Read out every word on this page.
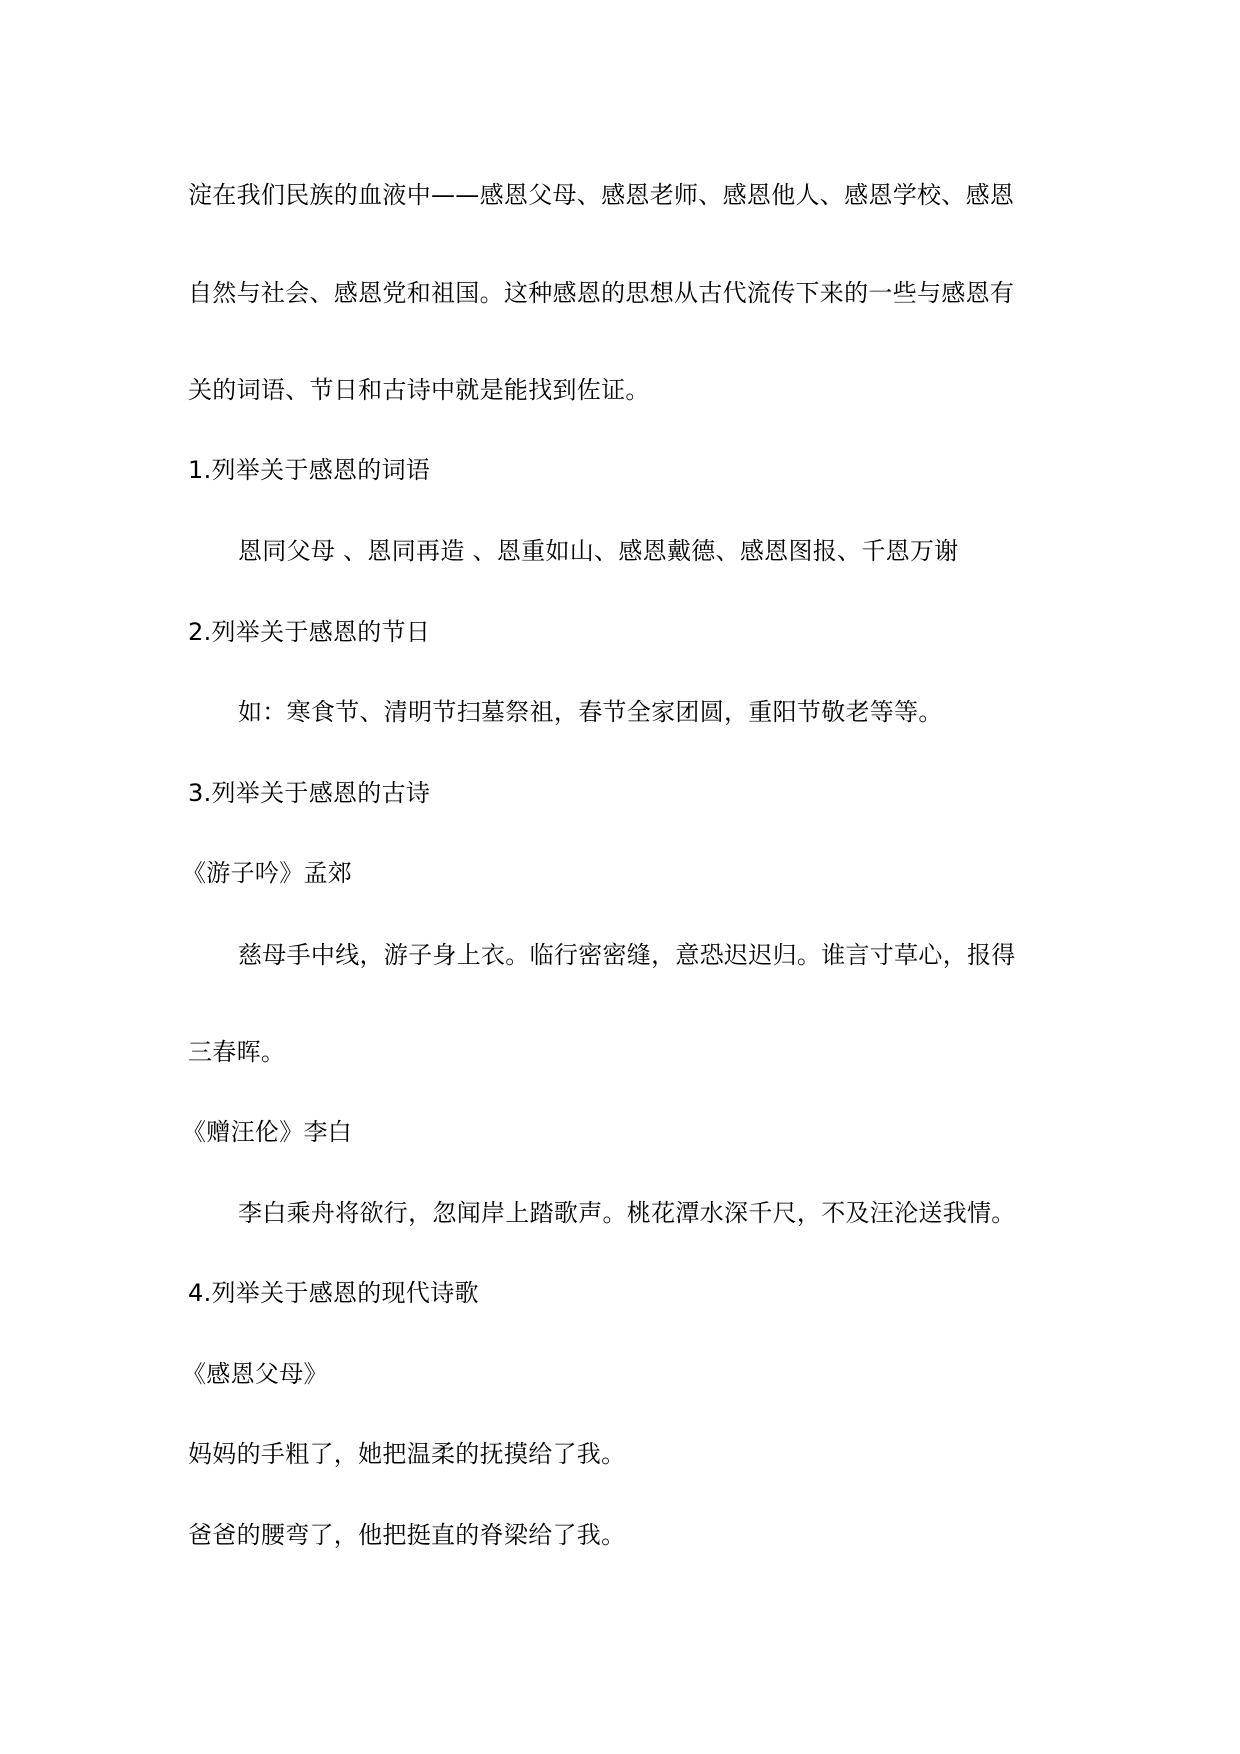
淀在我们民族的血液中——感恩父母、感恩老师、感恩他人、感恩学校、感恩
自然与社会、感恩党和祖国。这种感恩的思想从古代流传下来的一些与感恩有
关的词语、节日和古诗中就是能找到佐证。
1.列举关于感恩的词语
恩同父母 、恩同再造 、恩重如山、感恩戴德、感恩图报、千恩万谢
2.列举关于感恩的节日
如：寒食节、清明节扫墓祭祖，春节全家团圆，重阳节敬老等等。
3.列举关于感恩的古诗
《游子吟》孟郊
慈母手中线，游子身上衣。临行密密缝，意恐迟迟归。谁言寸草心，报得
三春晖。
《赠汪伦》李白
李白乘舟将欲行，忽闻岸上踏歌声。桃花潭水深千尺，不及汪沦送我情。
4.列举关于感恩的现代诗歌
《感恩父母》
妈妈的手粗了，她把温柔的抚摸给了我。
爸爸的腰弯了，他把挺直的脊梁给了我。
